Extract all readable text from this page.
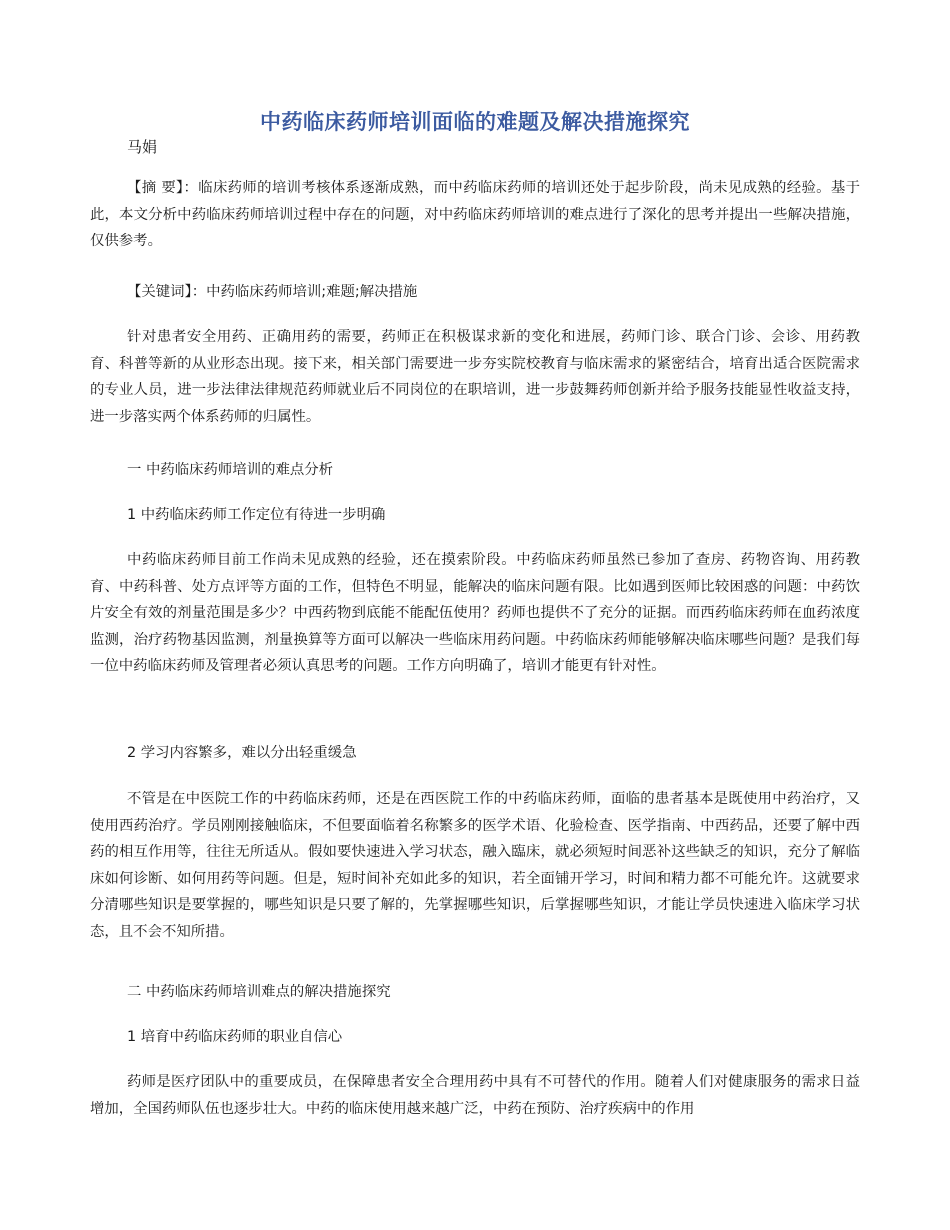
中药临床药师培训面临的难题及解决措施探究

马娟

【摘 要】：临床药师的培训考核体系逐渐成熟，而中药临床药师的培训还处于起步阶段，尚未见成熟的经验。基于此，本文分析中药临床药师培训过程中存在的问题，对中药临床药师培训的难点进行了深化的思考并提出一些解决措施，仅供参考。

【关键词】：中药临床药师培训;难题;解决措施

针对患者安全用药、正确用药的需要，药师正在积极谋求新的变化和进展，药师门诊、联合门诊、会诊、用药教育、科普等新的从业形态出现。接下来，相关部门需要进一步夯实院校教育与临床需求的紧密结合，培育出适合医院需求的专业人员，进一步法律法律规范药师就业后不同岗位的在职培训，进一步鼓舞药师创新并给予服务技能显性收益支持，进一步落实两个体系药师的归属性。

一 中药临床药师培训的难点分析

1 中药临床药师工作定位有待进一步明确

中药临床药师目前工作尚未见成熟的经验，还在摸索阶段。中药临床药师虽然已参加了查房、药物咨询、用药教育、中药科普、处方点评等方面的工作，但特色不明显，能解决的临床问题有限。比如遇到医师比较困惑的问题：中药饮片安全有效的剂量范围是多少？中西药物到底能不能配伍使用？药师也提供不了充分的证据。而西药临床药师在血药浓度监测，治疗药物基因监测，剂量换算等方面可以解决一些临床用药问题。中药临床药师能够解决临床哪些问题？是我们每一位中药临床药师及管理者必须认真思考的问题。工作方向明确了，培训才能更有针对性。

2 学习内容繁多，难以分出轻重缓急

不管是在中医院工作的中药临床药师，还是在西医院工作的中药临床药师，面临的患者基本是既使用中药治疗，又使用西药治疗。学员刚刚接触临床，不但要面临着名称繁多的医学术语、化验检查、医学指南、中西药品，还要了解中西药的相互作用等，往往无所适从。假如要快速进入学习状态，融入臨床，就必须短时间恶补这些缺乏的知识，充分了解临床如何诊断、如何用药等问题。但是，短时间补充如此多的知识，若全面铺开学习，时间和精力都不可能允许。这就要求分清哪些知识是要掌握的，哪些知识是只要了解的，先掌握哪些知识，后掌握哪些知识，才能让学员快速进入临床学习状态，且不会不知所措。

二 中药临床药师培训难点的解决措施探究

1 培育中药临床药师的职业自信心

药师是医疗团队中的重要成员，在保障患者安全合理用药中具有不可替代的作用。随着人们对健康服务的需求日益增加，全国药师队伍也逐步壮大。中药的临床使用越来越广泛，中药在预防、治疗疾病中的作用
